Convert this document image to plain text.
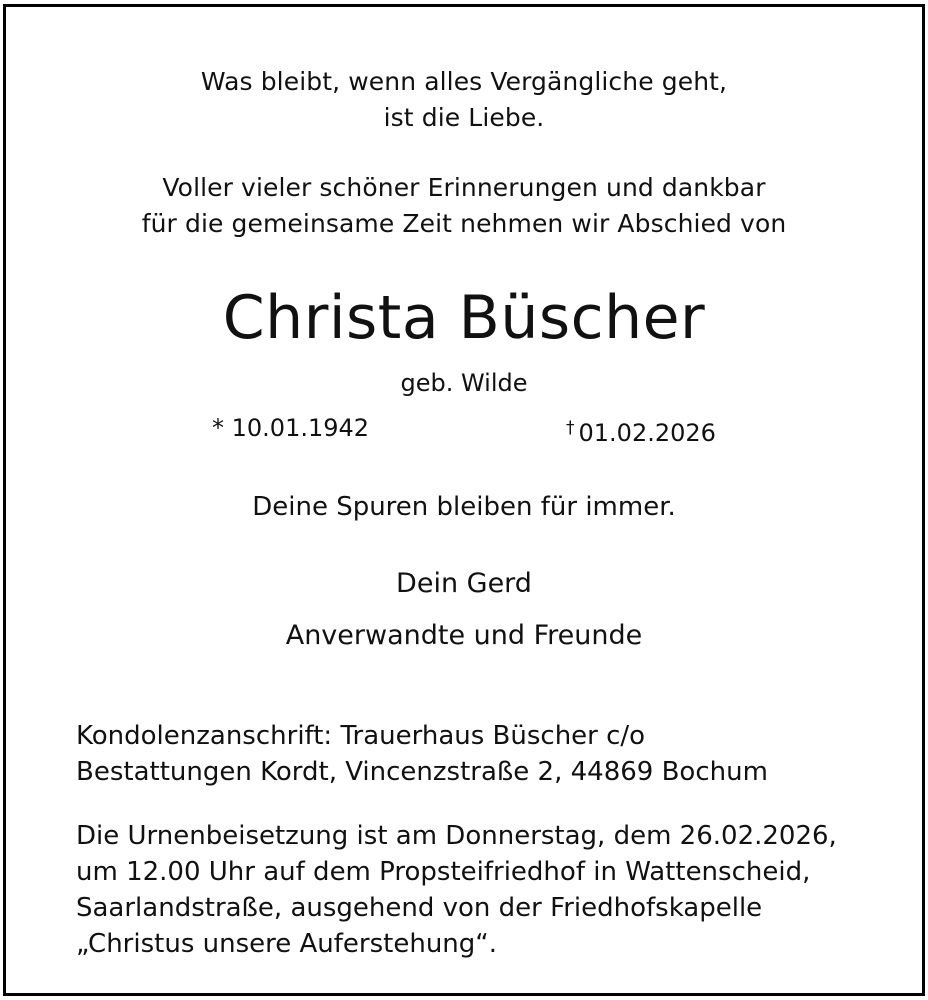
Was bleibt, wenn alles Vergängliche geht,
ist die Liebe.
Voller vieler schöner Erinnerungen und dankbar
für die gemeinsame Zeit nehmen wir Abschied von
Christa Büscher
geb. Wilde
* 10.01.1942	† 01.02.2026
Deine Spuren bleiben für immer.
Dein Gerd
Anverwandte und Freunde
Kondolenzanschrift: Trauerhaus Büscher c/o
Bestattungen Kordt, Vincenzstraße 2, 44869 Bochum
Die Urnenbeisetzung ist am Donnerstag, dem 26.02.2026,
um 12.00 Uhr auf dem Propsteifriedhof in Wattenscheid,
Saarlandstraße, ausgehend von der Friedhofskapelle
„Christus unsere Auferstehung“.
